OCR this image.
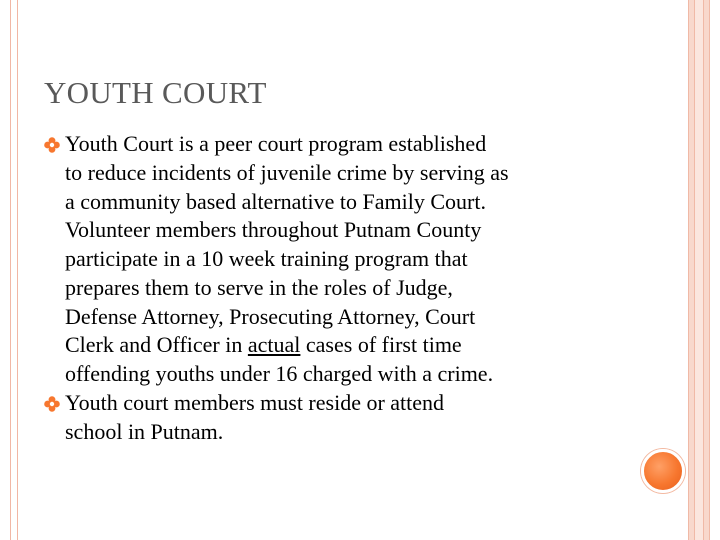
YOUTH COURT
Youth Court is a peer court program established
to reduce incidents of juvenile crime by serving as
a community based alternative to Family Court.
Volunteer members throughout Putnam County
participate in a 10 week training program that
prepares them to serve in the roles of Judge,
Defense Attorney, Prosecuting Attorney, Court
Clerk and Officer in actual cases of first time
offending youths under 16 charged with a crime.
Youth court members must reside or attend
school in Putnam.
